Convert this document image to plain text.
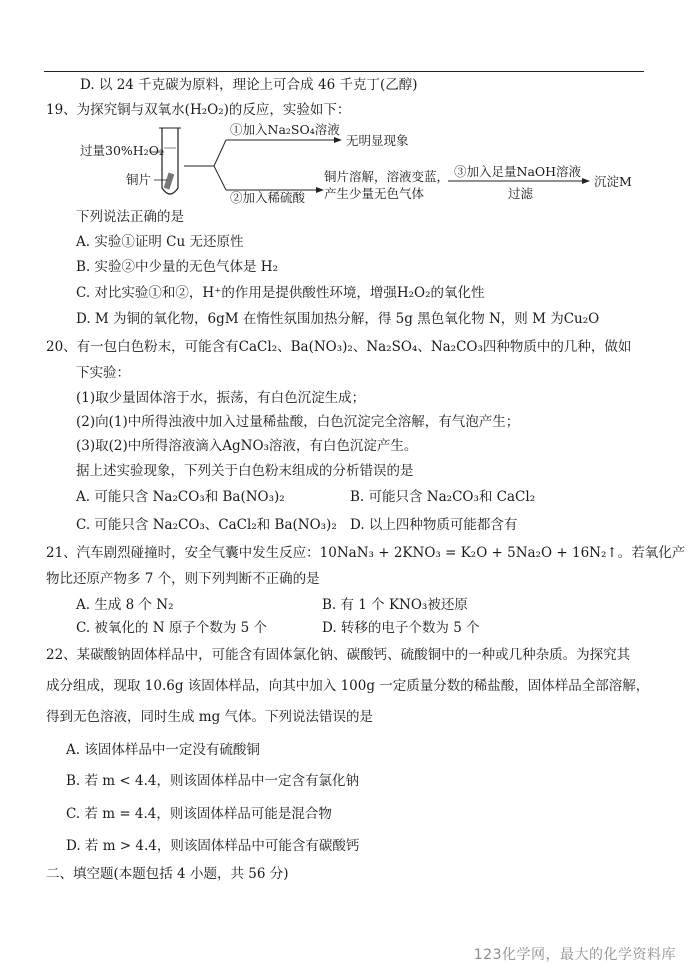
D. 以 24 千克碳为原料，理论上可合成 46 千克丁(乙醇)
19、为探究铜与双氧水(H₂O₂)的反应，实验如下：
过量30%H₂O₂
铜片
①加入Na₂SO₄溶液
无明显现象
②加入稀硫酸
铜片溶解，溶液变蓝，
产生少量无色气体
③加入足量NaOH溶液
过滤
沉淀M
下列说法正确的是
A. 实验①证明 Cu 无还原性
B. 实验②中少量的无色气体是 H₂
C. 对比实验①和②，H⁺的作用是提供酸性环境，增强H₂O₂的氧化性
D. M 为铜的氧化物，6gM 在惰性氛围加热分解，得 5g 黑色氧化物 N，则 M 为Cu₂O
20、有一包白色粉末，可能含有CaCl₂、Ba(NO₃)₂、Na₂SO₄、Na₂CO₃四种物质中的几种，做如
下实验：
(1)取少量固体溶于水，振荡，有白色沉淀生成；
(2)向(1)中所得浊液中加入过量稀盐酸，白色沉淀完全溶解，有气泡产生；
(3)取(2)中所得溶液滴入AgNO₃溶液，有白色沉淀产生。
据上述实验现象，下列关于白色粉末组成的分析错误的是
A. 可能只含 Na₂CO₃和 Ba(NO₃)₂	B. 可能只含 Na₂CO₃和 CaCl₂
C. 可能只含 Na₂CO₃、CaCl₂和 Ba(NO₃)₂ D. 以上四种物质可能都含有
21、汽车剧烈碰撞时，安全气囊中发生反应：10NaN₃ + 2KNO₃ = K₂O + 5Na₂O + 16N₂↑。若氧化产
物比还原产物多 7 个，则下列判断不正确的是
A. 生成 8 个 N₂	B. 有 1 个 KNO₃被还原
C. 被氧化的 N 原子个数为 5 个	D. 转移的电子个数为 5 个
22、某碳酸钠固体样品中，可能含有固体氯化钠、碳酸钙、硫酸铜中的一种或几种杂质。为探究其
成分组成，现取 10.6g 该固体样品，向其中加入 100g 一定质量分数的稀盐酸，固体样品全部溶解，
得到无色溶液，同时生成 mg 气体。下列说法错误的是
A. 该固体样品中一定没有硫酸铜
B. 若 m < 4.4，则该固体样品中一定含有氯化钠
C. 若 m = 4.4，则该固体样品可能是混合物
D. 若 m > 4.4，则该固体样品中可能含有碳酸钙
二、填空题(本题包括 4 小题，共 56 分)
123化学网，最大的化学资料库
